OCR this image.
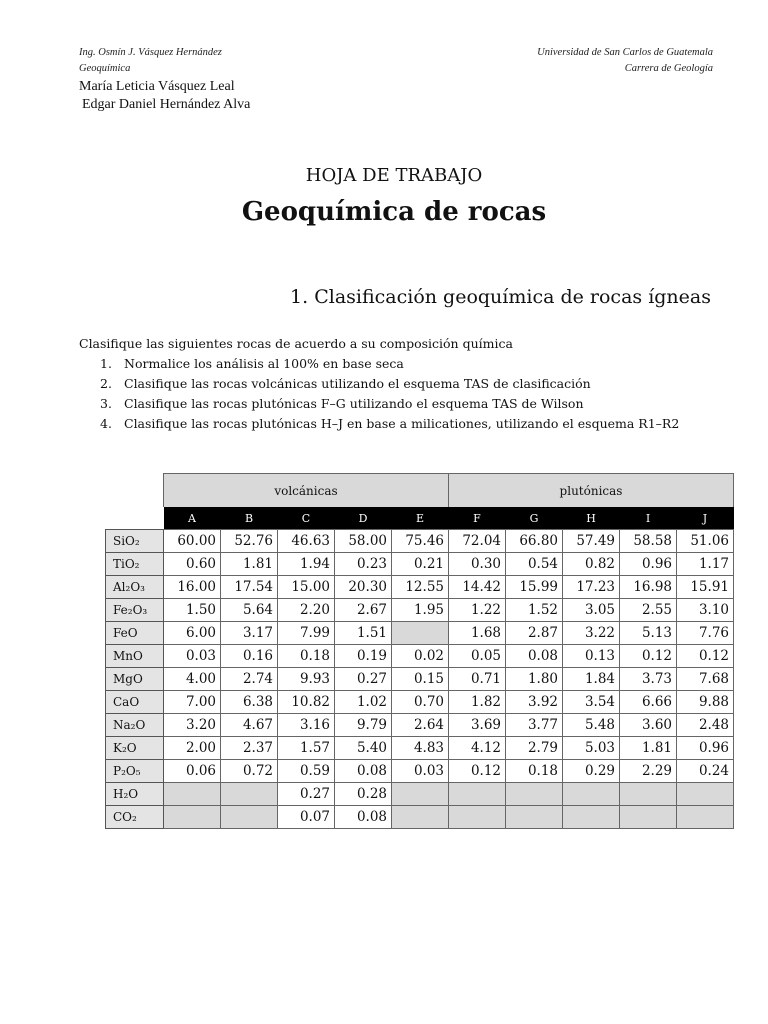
Ing. Osmín J. Vásquez Hernández
Geoquímica
Universidad de San Carlos de Guatemala
Carrera de Geología
María Leticia Vásquez Leal
Edgar Daniel Hernández Alva
HOJA DE TRABAJO
Geoquímica de rocas
1. Clasificación geoquímica de rocas ígneas
Clasifique las siguientes rocas de acuerdo a su composición química
1. Normalice los análisis al 100% en base seca
2. Clasifique las rocas volcánicas utilizando el esquema TAS de clasificación
3. Clasifique las rocas plutónicas F–G utilizando el esquema TAS de Wilson
4. Clasifique las rocas plutónicas H–J en base a milicationes, utilizando el esquema R1–R2
	volcánicas					plutónicas				
	A	B	C	D	E	F	G	H	I	J
SiO₂	60.00	52.76	46.63	58.00	75.46	72.04	66.80	57.49	58.58	51.06
TiO₂	0.60	1.81	1.94	0.23	0.21	0.30	0.54	0.82	0.96	1.17
Al₂O₃	16.00	17.54	15.00	20.30	12.55	14.42	15.99	17.23	16.98	15.91
Fe₂O₃	1.50	5.64	2.20	2.67	1.95	1.22	1.52	3.05	2.55	3.10
FeO	6.00	3.17	7.99	1.51		1.68	2.87	3.22	5.13	7.76
MnO	0.03	0.16	0.18	0.19	0.02	0.05	0.08	0.13	0.12	0.12
MgO	4.00	2.74	9.93	0.27	0.15	0.71	1.80	1.84	3.73	7.68
CaO	7.00	6.38	10.82	1.02	0.70	1.82	3.92	3.54	6.66	9.88
Na₂O	3.20	4.67	3.16	9.79	2.64	3.69	3.77	5.48	3.60	2.48
K₂O	2.00	2.37	1.57	5.40	4.83	4.12	2.79	5.03	1.81	0.96
P₂O₅	0.06	0.72	0.59	0.08	0.03	0.12	0.18	0.29	2.29	0.24
H₂O			0.27	0.28						
CO₂			0.07	0.08						
